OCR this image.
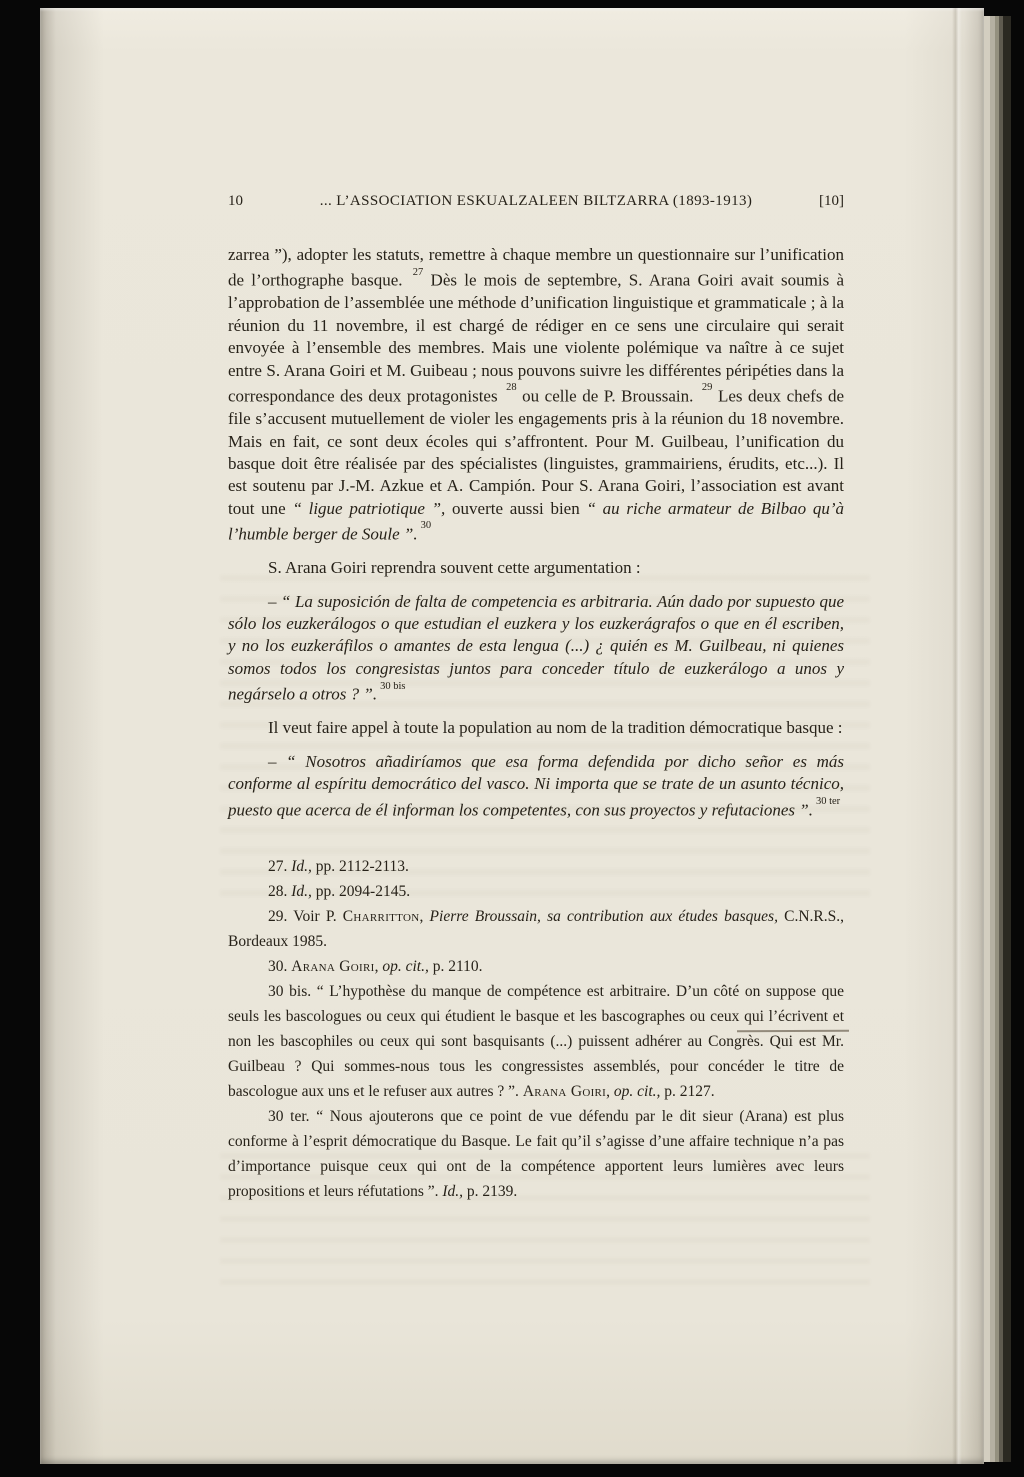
10	... L’ASSOCIATION ESKUALZALEEN BILTZARRA (1893-1913)	[10]

zarrea ”), adopter les statuts, remettre à chaque membre un questionnaire sur l’unification de l’orthographe basque. $^{27}$ Dès le mois de septembre, S. Arana Goiri avait soumis à l’approbation de l’assemblée une méthode d’unification linguistique et grammaticale ; à la réunion du 11 novembre, il est chargé de rédiger en ce sens une circulaire qui serait envoyée à l’ensemble des membres. Mais une violente polémique va naître à ce sujet entre S. Arana Goiri et M. Guibeau ; nous pouvons suivre les différentes péripéties dans la correspondance des deux protagonistes $^{28}$ ou celle de P. Broussain. $^{29}$ Les deux chefs de file s’accusent mutuellement de violer les engagements pris à la réunion du 18 novembre. Mais en fait, ce sont deux écoles qui s’affrontent. Pour M. Guilbeau, l’unification du basque doit être réalisée par des spécialistes (linguistes, grammairiens, érudits, etc...). Il est soutenu par J.-M. Azkue et A. Campión. Pour S. Arana Goiri, l’association est avant tout une “ ligue patriotique ”, ouverte aussi bien “ au riche armateur de Bilbao qu’à l’humble berger de Soule ”. $^{30}$

S. Arana Goiri reprendra souvent cette argumentation :

– “ La suposición de falta de competencia es arbitraria. Aún dado por supuesto que sólo los euzkerálogos o que estudian el euzkera y los euzkerágrafos o que en él escriben, y no los euzkeráfilos o amantes de esta lengua (...) ¿ quién es M. Guilbeau, ni quienes somos todos los congresistas juntos para conceder título de euzkerálogo a unos y negárselo a otros ? ”. $^{30 bis}$

Il veut faire appel à toute la population au nom de la tradition démocratique basque :

– “ Nosotros añadiríamos que esa forma defendida por dicho señor es más conforme al espíritu democrático del vasco. Ni importa que se trate de un asunto técnico, puesto que acerca de él informan los competentes, con sus proyectos y refutaciones ”. $^{30 ter}$

27. Id., pp. 2112-2113.

28. Id., pp. 2094-2145.

29. Voir P. Charritton, Pierre Broussain, sa contribution aux études basques, C.N.R.S., Bordeaux 1985.

30. Arana Goiri, op. cit., p. 2110.

30 bis. “ L’hypothèse du manque de compétence est arbitraire. D’un côté on suppose que seuls les bascologues ou ceux qui étudient le basque et les bascographes ou ceux qui l’écrivent et non les bascophiles ou ceux qui sont basquisants (...) puissent adhérer au Congrès. Qui est Mr. Guilbeau ? Qui sommes-nous tous les congressistes assemblés, pour concéder le titre de bascologue aux uns et le refuser aux autres ? ”. Arana Goiri, op. cit., p. 2127.

30 ter. “ Nous ajouterons que ce point de vue défendu par le dit sieur (Arana) est plus conforme à l’esprit démocratique du Basque. Le fait qu’il s’agisse d’une affaire technique n’a pas d’importance puisque ceux qui ont de la compétence apportent leurs lumières avec leurs propositions et leurs réfutations ”. Id., p. 2139.
